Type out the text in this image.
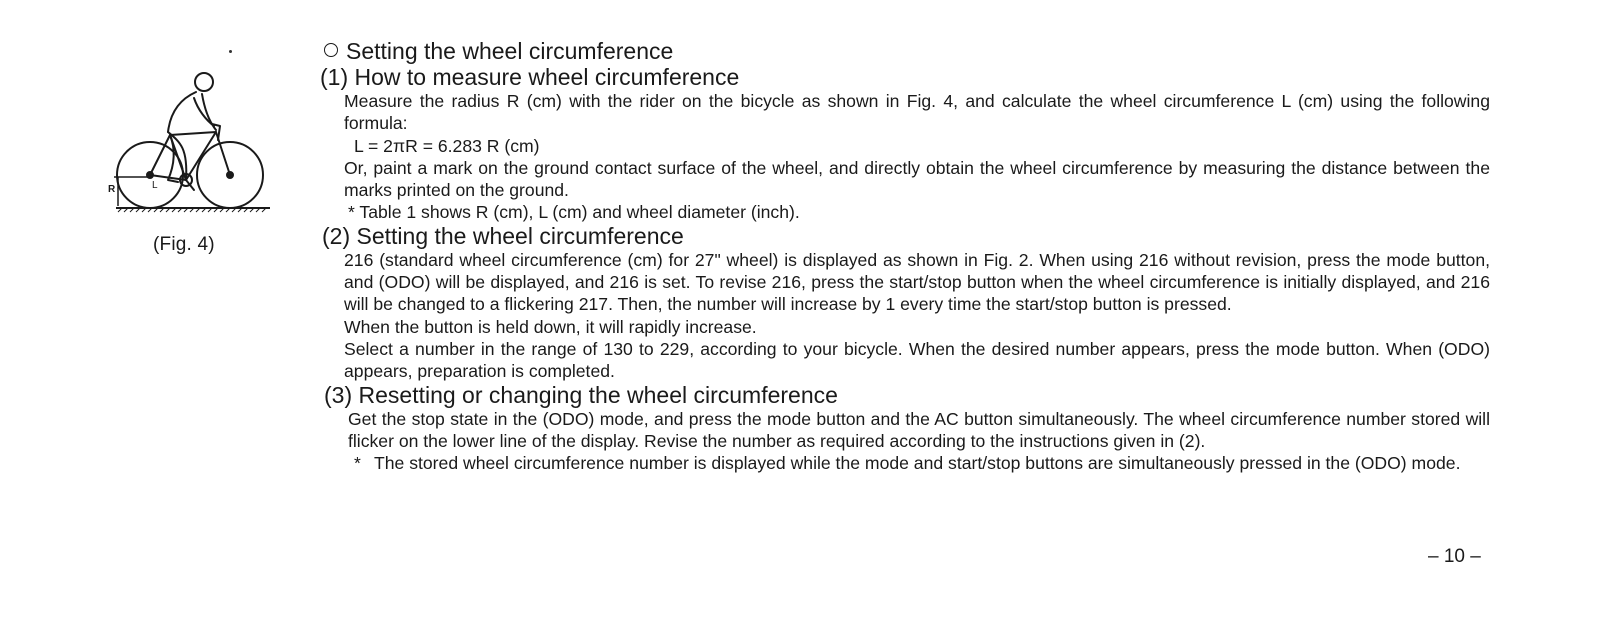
R	L
(Fig. 4)
Setting the wheel circumference
(1) How to measure wheel circumference
Measure the radius R (cm) with the rider on the bicycle as shown in Fig. 4, and calculate the wheel circumference L (cm) using the following formula:
L = 2πR = 6.283 R (cm)
Or, paint a mark on the ground contact surface of the wheel, and directly obtain the wheel circumference by measuring the distance between the marks printed on the ground.
* Table 1 shows R (cm), L (cm) and wheel diameter (inch).
(2) Setting the wheel circumference
216 (standard wheel circumference (cm) for 27" wheel) is displayed as shown in Fig. 2. When using 216 without revision, press the mode button, and (ODO) will be displayed, and 216 is set. To revise 216, press the start/stop button when the wheel circumference is initially displayed, and 216 will be changed to a flickering 217. Then, the number will increase by 1 every time the start/stop button is pressed.
When the button is held down, it will rapidly increase.
Select a number in the range of 130 to 229, according to your bicycle. When the desired number appears, press the mode button. When (ODO) appears, preparation is completed.
(3) Resetting or changing the wheel circumference
Get the stop state in the (ODO) mode, and press the mode button and the AC button simultaneously. The wheel circumference number stored will flicker on the lower line of the display. Revise the number as required according to the instructions given in (2).
* The stored wheel circumference number is displayed while the mode and start/stop buttons are simultaneously pressed in the (ODO) mode.
– 10 –
